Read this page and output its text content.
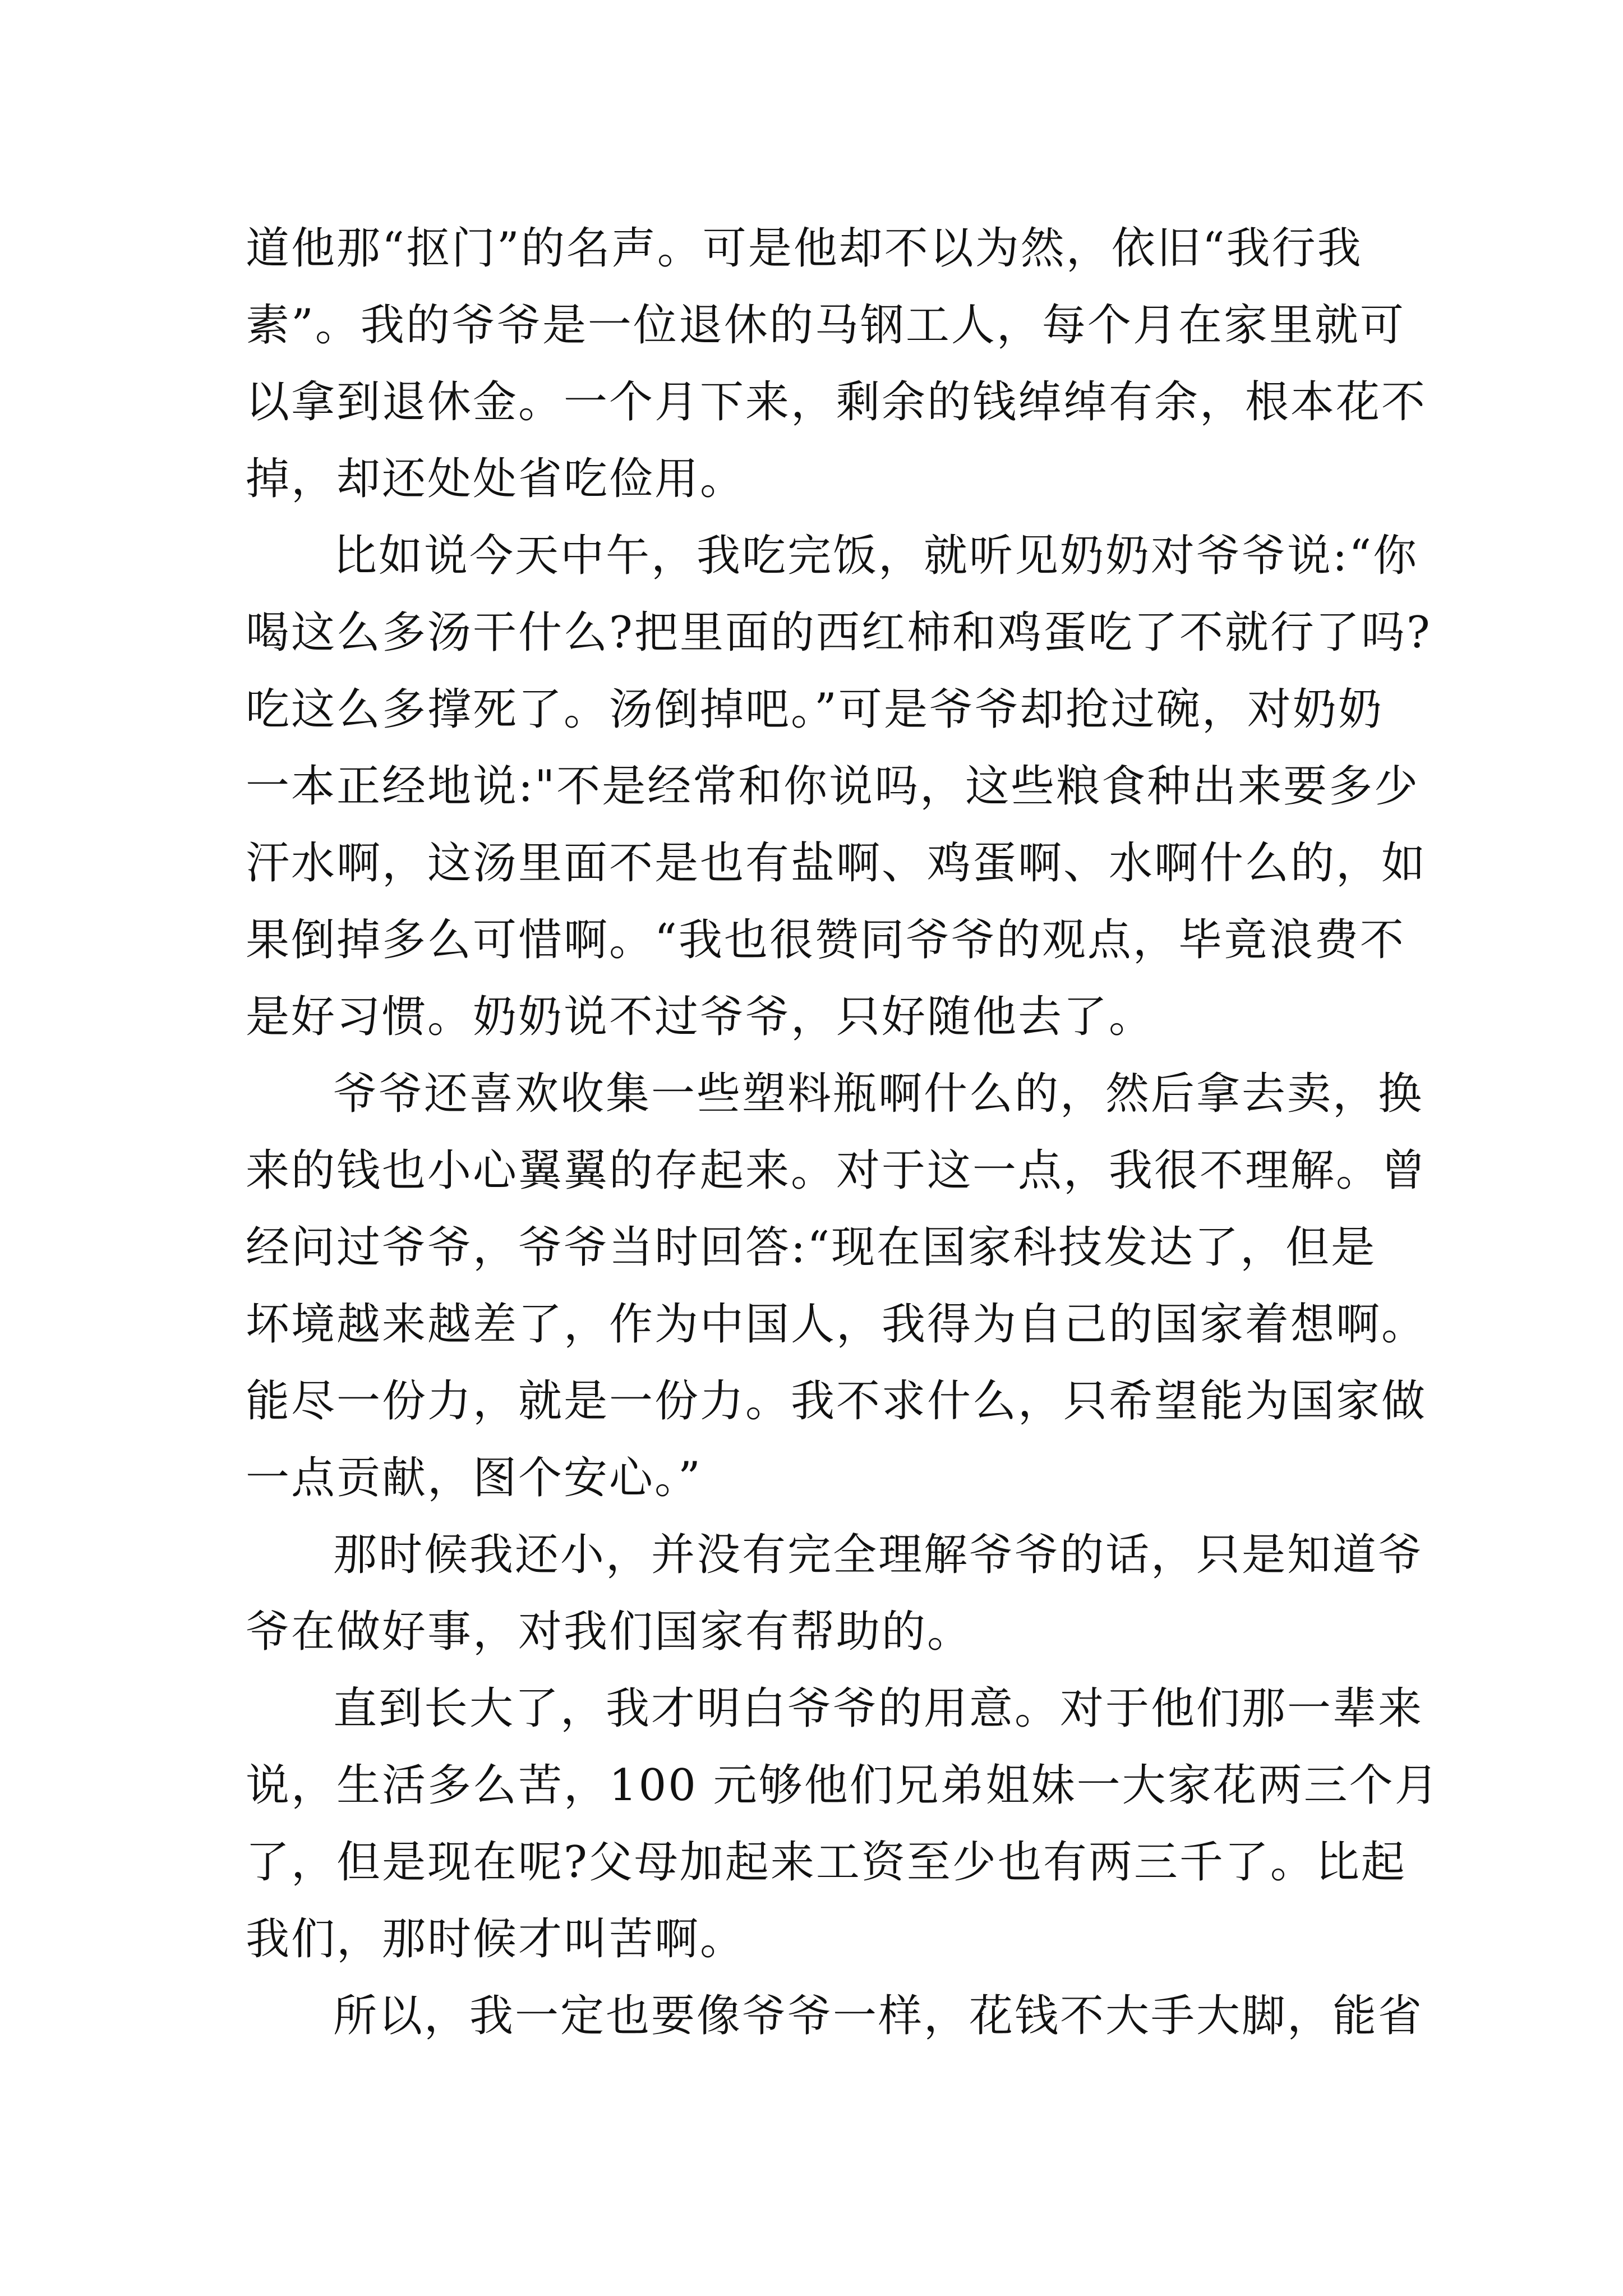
道他那“抠门”的名声。可是他却不以为然，依旧“我行我
素”。我的爷爷是一位退休的马钢工人，每个月在家里就可
以拿到退休金。一个月下来，剩余的钱绰绰有余，根本花不
掉，却还处处省吃俭用。
比如说今天中午，我吃完饭，就听见奶奶对爷爷说:“你
喝这么多汤干什么?把里面的西红柿和鸡蛋吃了不就行了吗?
吃这么多撑死了。汤倒掉吧。”可是爷爷却抢过碗，对奶奶
一本正经地说:"不是经常和你说吗，这些粮食种出来要多少
汗水啊，这汤里面不是也有盐啊、鸡蛋啊、水啊什么的，如
果倒掉多么可惜啊。“我也很赞同爷爷的观点，毕竟浪费不
是好习惯。奶奶说不过爷爷，只好随他去了。
爷爷还喜欢收集一些塑料瓶啊什么的，然后拿去卖，换
来的钱也小心翼翼的存起来。对于这一点，我很不理解。曾
经问过爷爷，爷爷当时回答:“现在国家科技发达了，但是
坏境越来越差了，作为中国人，我得为自己的国家着想啊。
能尽一份力，就是一份力。我不求什么，只希望能为国家做
一点贡献，图个安心。”
那时候我还小，并没有完全理解爷爷的话，只是知道爷
爷在做好事，对我们国家有帮助的。
直到长大了，我才明白爷爷的用意。对于他们那一辈来
说，生活多么苦，100 元够他们兄弟姐妹一大家花两三个月
了，但是现在呢?父母加起来工资至少也有两三千了。比起
我们，那时候才叫苦啊。
所以，我一定也要像爷爷一样，花钱不大手大脚，能省
